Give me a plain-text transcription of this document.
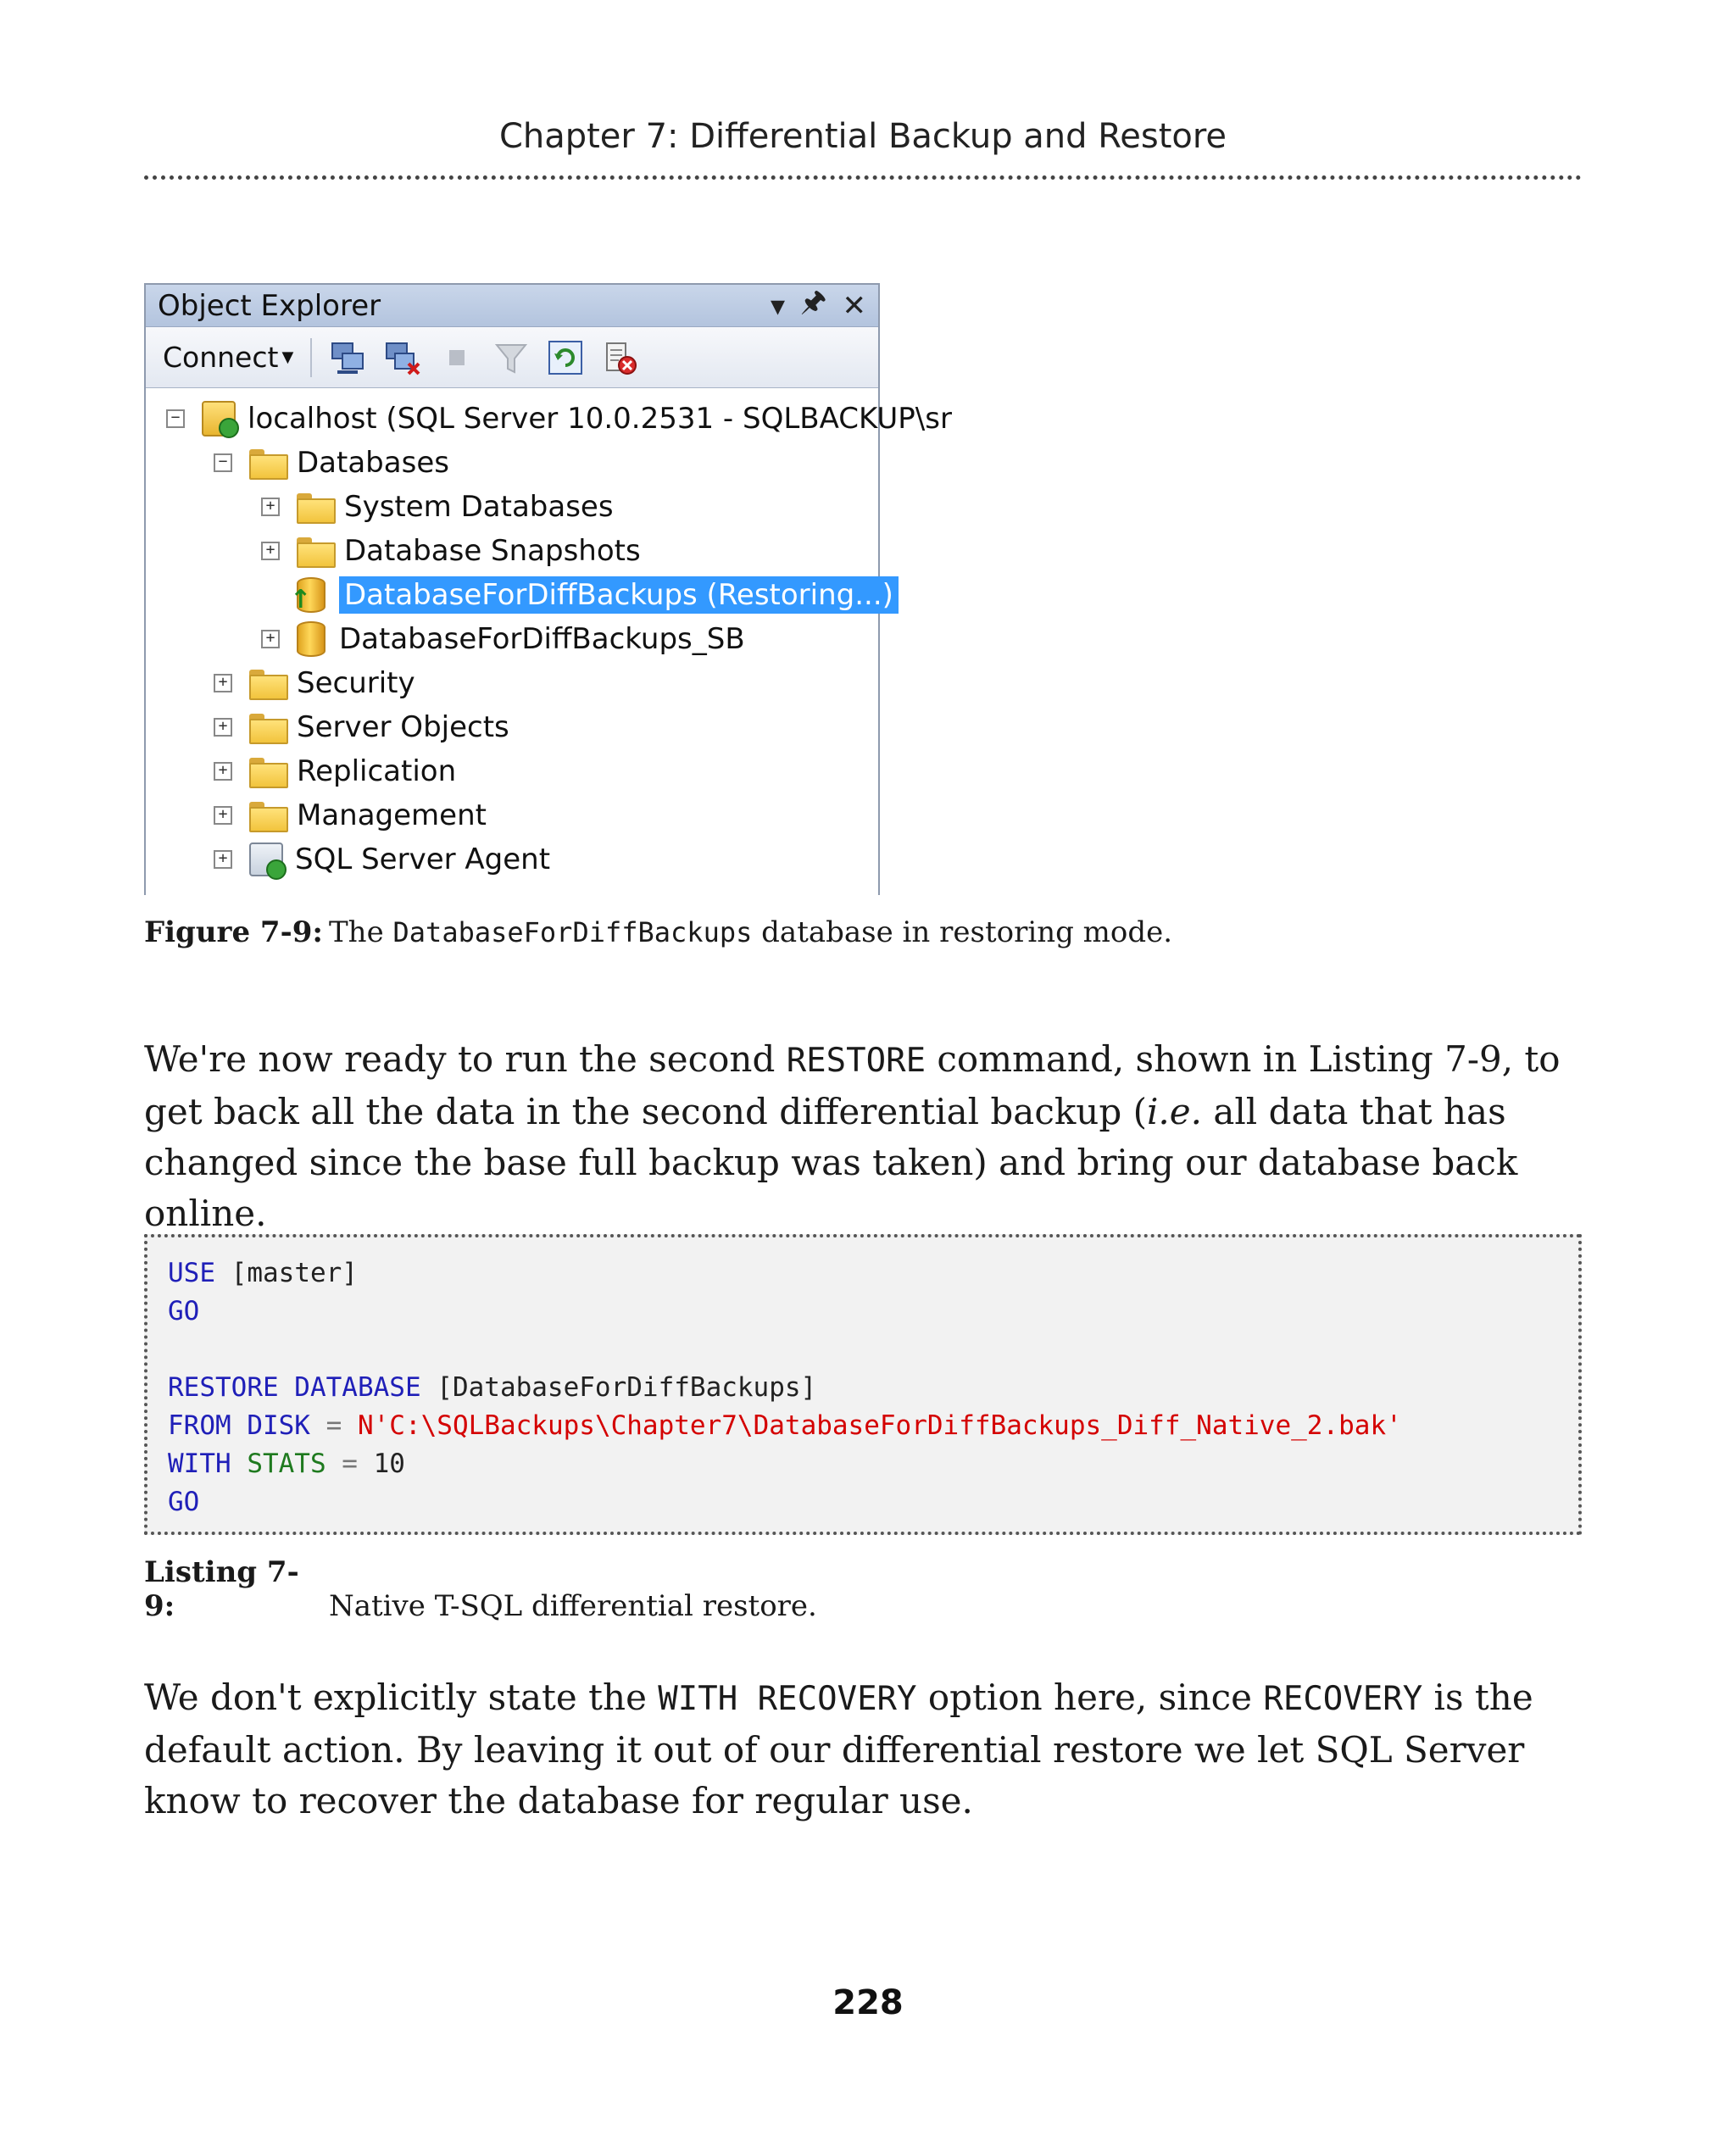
Chapter 7: Differential Backup and Restore
Object Explorer	▾ 🖈︎ ✕
Connect ▼
− localhost (SQL Server 10.0.2531 - SQLBACKUP\sr
− Databases
+ System Databases
+ Database Snapshots
↑ DatabaseForDiffBackups (Restoring...)
+ DatabaseForDiffBackups_SB
+ Security
+ Server Objects
+ Replication
+ Management
+ SQL Server Agent
Figure 7-9: The DatabaseForDiffBackups database in restoring mode.
We're now ready to run the second RESTORE command, shown in Listing 7-9, to get back all the data in the second differential backup (i.e. all data that has changed since the base full backup was taken) and bring our database back online.
USE [master]
GO

RESTORE DATABASE [DatabaseForDiffBackups]
FROM DISK = N'C:\SQLBackups\Chapter7\DatabaseForDiffBackups_Diff_Native_2.bak'
WITH STATS = 10
GO
Listing 7-9:	Native T-SQL differential restore.
We don't explicitly state the WITH RECOVERY option here, since RECOVERY is the default action. By leaving it out of our differential restore we let SQL Server know to recover the database for regular use.
228
